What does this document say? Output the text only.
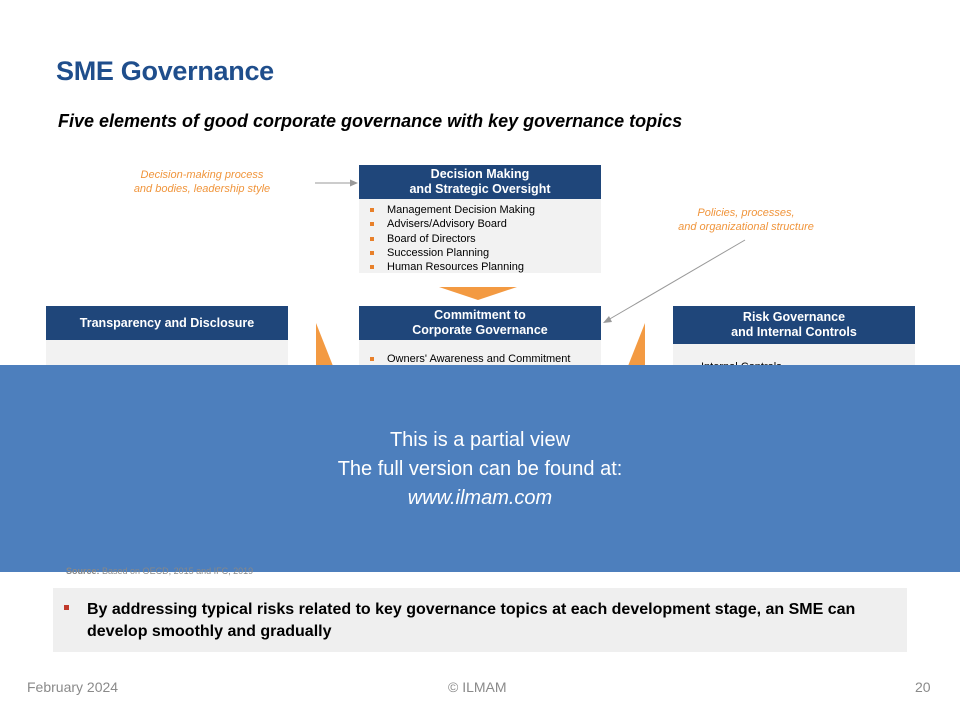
SME Governance
Five elements of good corporate governance with key governance topics
Decision-making process
and bodies, leadership style
Policies, processes,
and organizational structure
Decision Making
and Strategic Oversight
Management Decision Making
Advisers/Advisory Board
Board of Directors
Succession Planning
Human Resources Planning
Transparency and Disclosure
Commitment to
Corporate Governance
Owners' Awareness and Commitment
Risk Governance
and Internal Controls
This is a partial view
The full version can be found at:
www.ilmam.com
Source: Based on OECD, 2015 and IFC, 2019
By addressing typical risks related to key governance topics at each development stage, an SME can develop smoothly and gradually
February 2024	© ILMAM	20
